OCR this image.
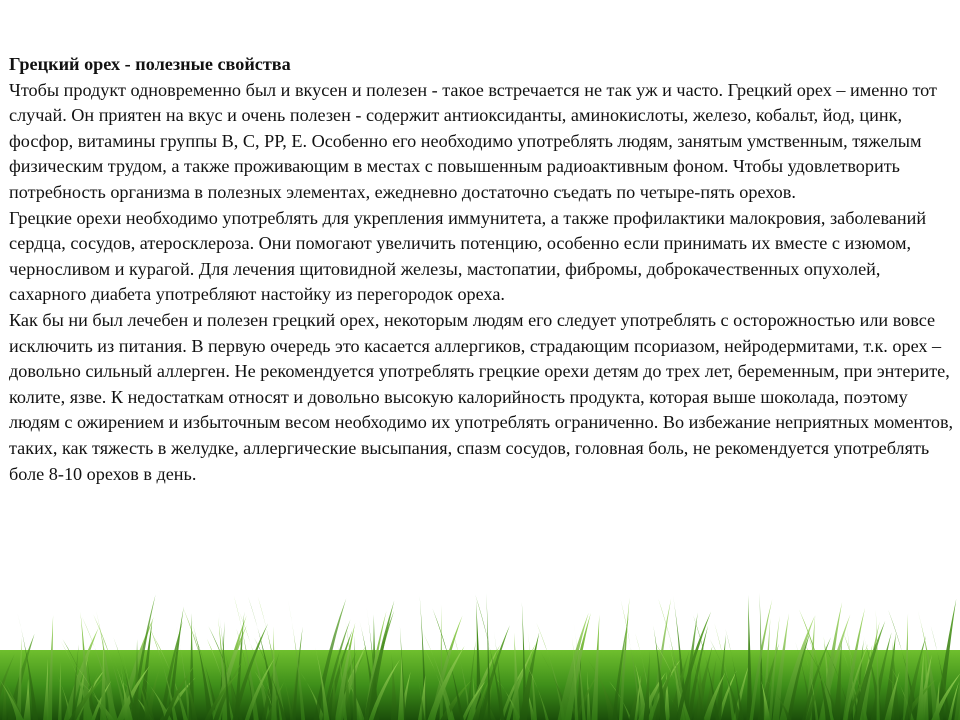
Грецкий орех - полезные свойства

Чтобы продукт одновременно был и вкусен и полезен - такое встречается не так уж и часто. Грецкий орех – именно тот случай. Он приятен на вкус и очень полезен - содержит антиоксиданты, аминокислоты, железо, кобальт, йод, цинк, фосфор, витамины группы B, C, PP, E. Особенно его необходимо употреблять людям, занятым умственным, тяжелым физическим трудом, а также проживающим в местах с повышенным радиоактивным фоном. Чтобы удовлетворить потребность организма в полезных элементах, ежедневно достаточно съедать по четыре-пять орехов.

Грецкие орехи необходимо употреблять для укрепления иммунитета, а также профилактики малокровия, заболеваний сердца, сосудов, атеросклероза. Они помогают увеличить потенцию, особенно если принимать их вместе с изюмом, черносливом и курагой. Для лечения щитовидной железы, мастопатии, фибромы, доброкачественных опухолей, сахарного диабета употребляют настойку из перегородок ореха.

Как бы ни был лечебен и полезен грецкий орех, некоторым людям его следует употреблять с осторожностью или вовсе исключить из питания. В первую очередь это касается аллергиков, страдающим псориазом, нейродермитами, т.к. орех – довольно сильный аллерген. Не рекомендуется употреблять грецкие орехи детям до трех лет, беременным, при энтерите, колите, язве. К недостаткам относят и довольно высокую калорийность продукта, которая выше шоколада, поэтому людям с ожирением и избыточным весом необходимо их употреблять ограниченно. Во избежание неприятных моментов, таких, как тяжесть в желудке, аллергические высыпания, спазм сосудов, головная боль, не рекомендуется употреблять боле 8-10 орехов в день.
